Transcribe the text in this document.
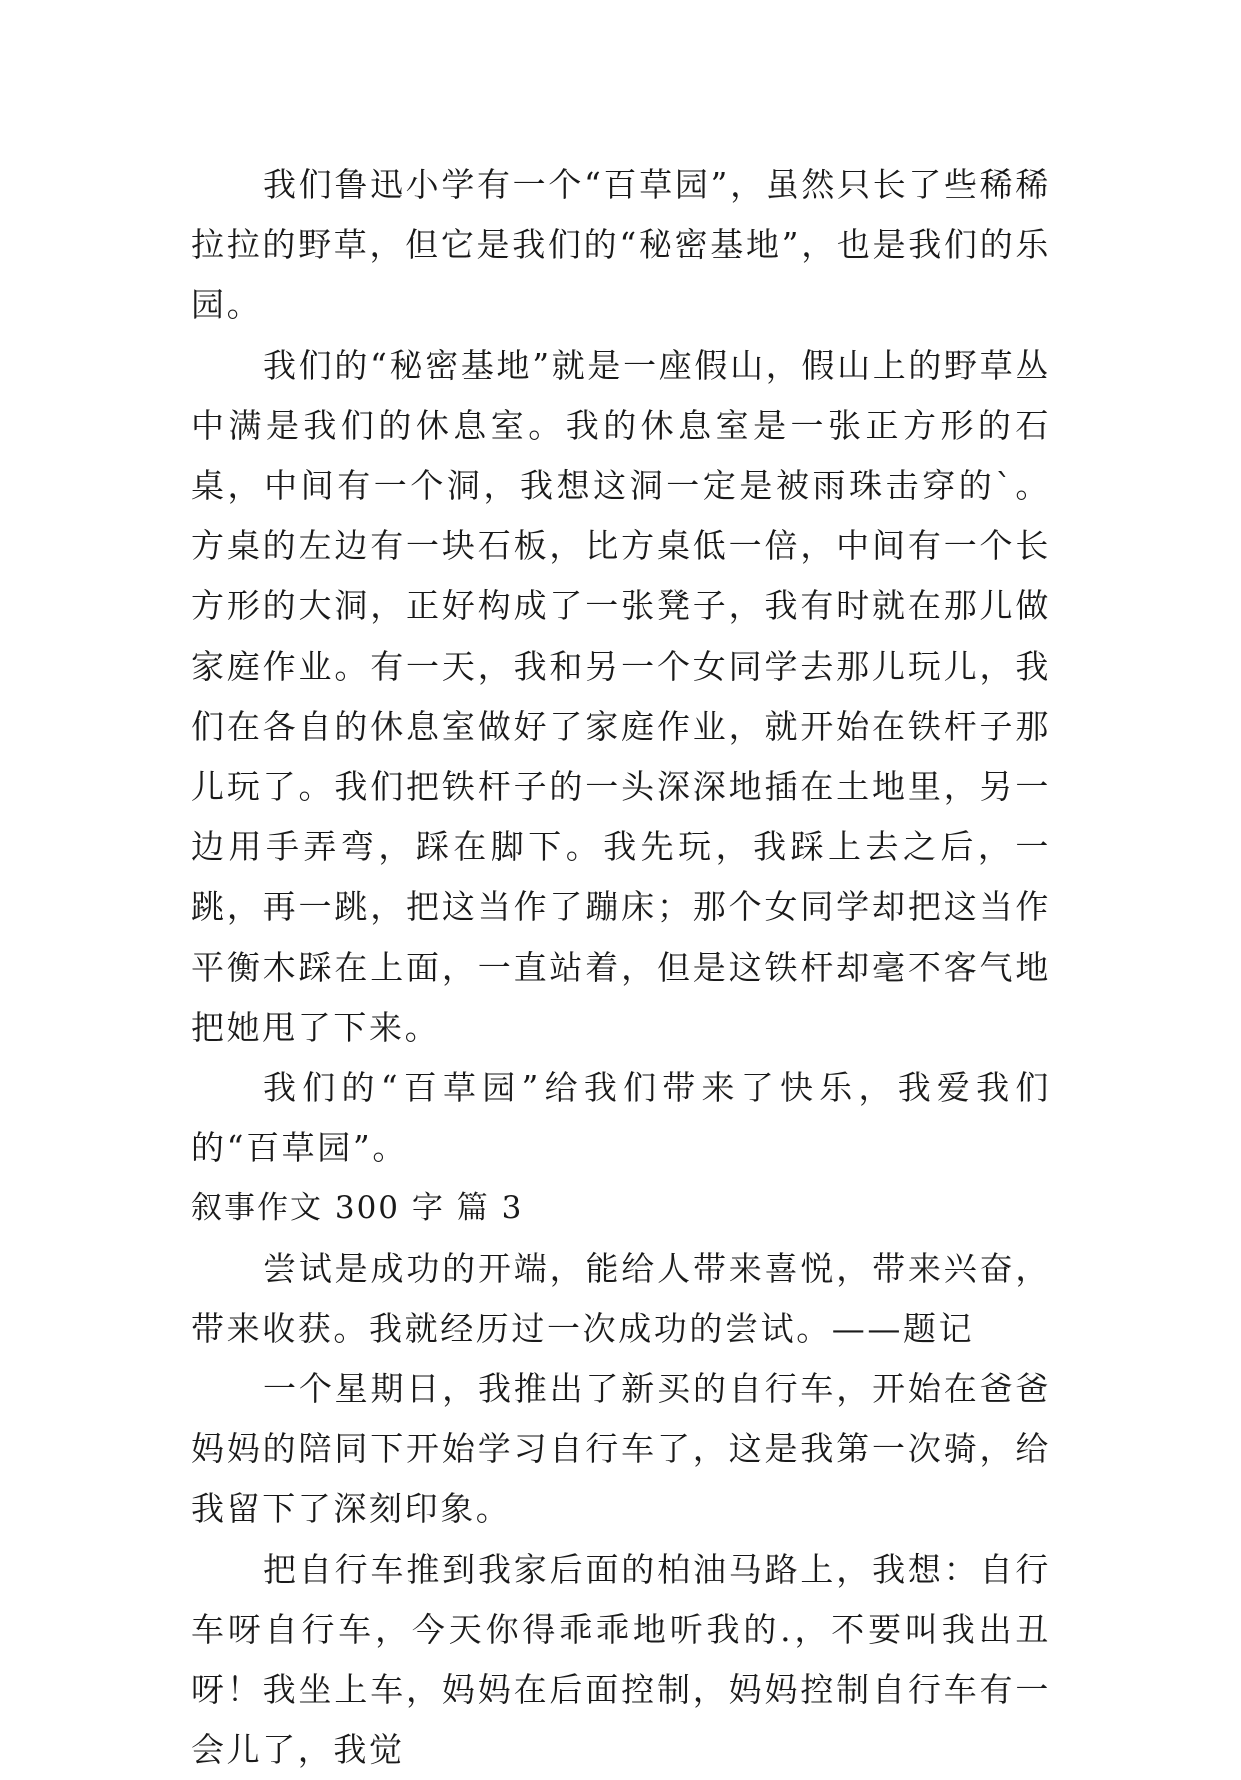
我们鲁迅小学有一个“百草园”，虽然只长了些稀稀拉拉的野草，但它是我们的“秘密基地”，也是我们的乐园。

我们的“秘密基地”就是一座假山，假山上的野草丛中满是我们的休息室。我的休息室是一张正方形的石桌，中间有一个洞，我想这洞一定是被雨珠击穿的`。方桌的左边有一块石板，比方桌低一倍，中间有一个长方形的大洞，正好构成了一张凳子，我有时就在那儿做家庭作业。有一天，我和另一个女同学去那儿玩儿，我们在各自的休息室做好了家庭作业，就开始在铁杆子那儿玩了。我们把铁杆子的一头深深地插在土地里，另一边用手弄弯，踩在脚下。我先玩，我踩上去之后，一跳，再一跳，把这当作了蹦床；那个女同学却把这当作平衡木踩在上面，一直站着，但是这铁杆却毫不客气地把她甩了下来。

我们的“百草园”给我们带来了快乐，我爱我们的“百草园”。

叙事作文 300 字 篇 3

尝试是成功的开端，能给人带来喜悦，带来兴奋，带来收获。我就经历过一次成功的尝试。——题记

一个星期日，我推出了新买的自行车，开始在爸爸妈妈的陪同下开始学习自行车了，这是我第一次骑，给我留下了深刻印象。

把自行车推到我家后面的柏油马路上，我想：自行车呀自行车，今天你得乖乖地听我的.，不要叫我出丑呀！我坐上车，妈妈在后面控制，妈妈控制自行车有一会儿了，我觉
